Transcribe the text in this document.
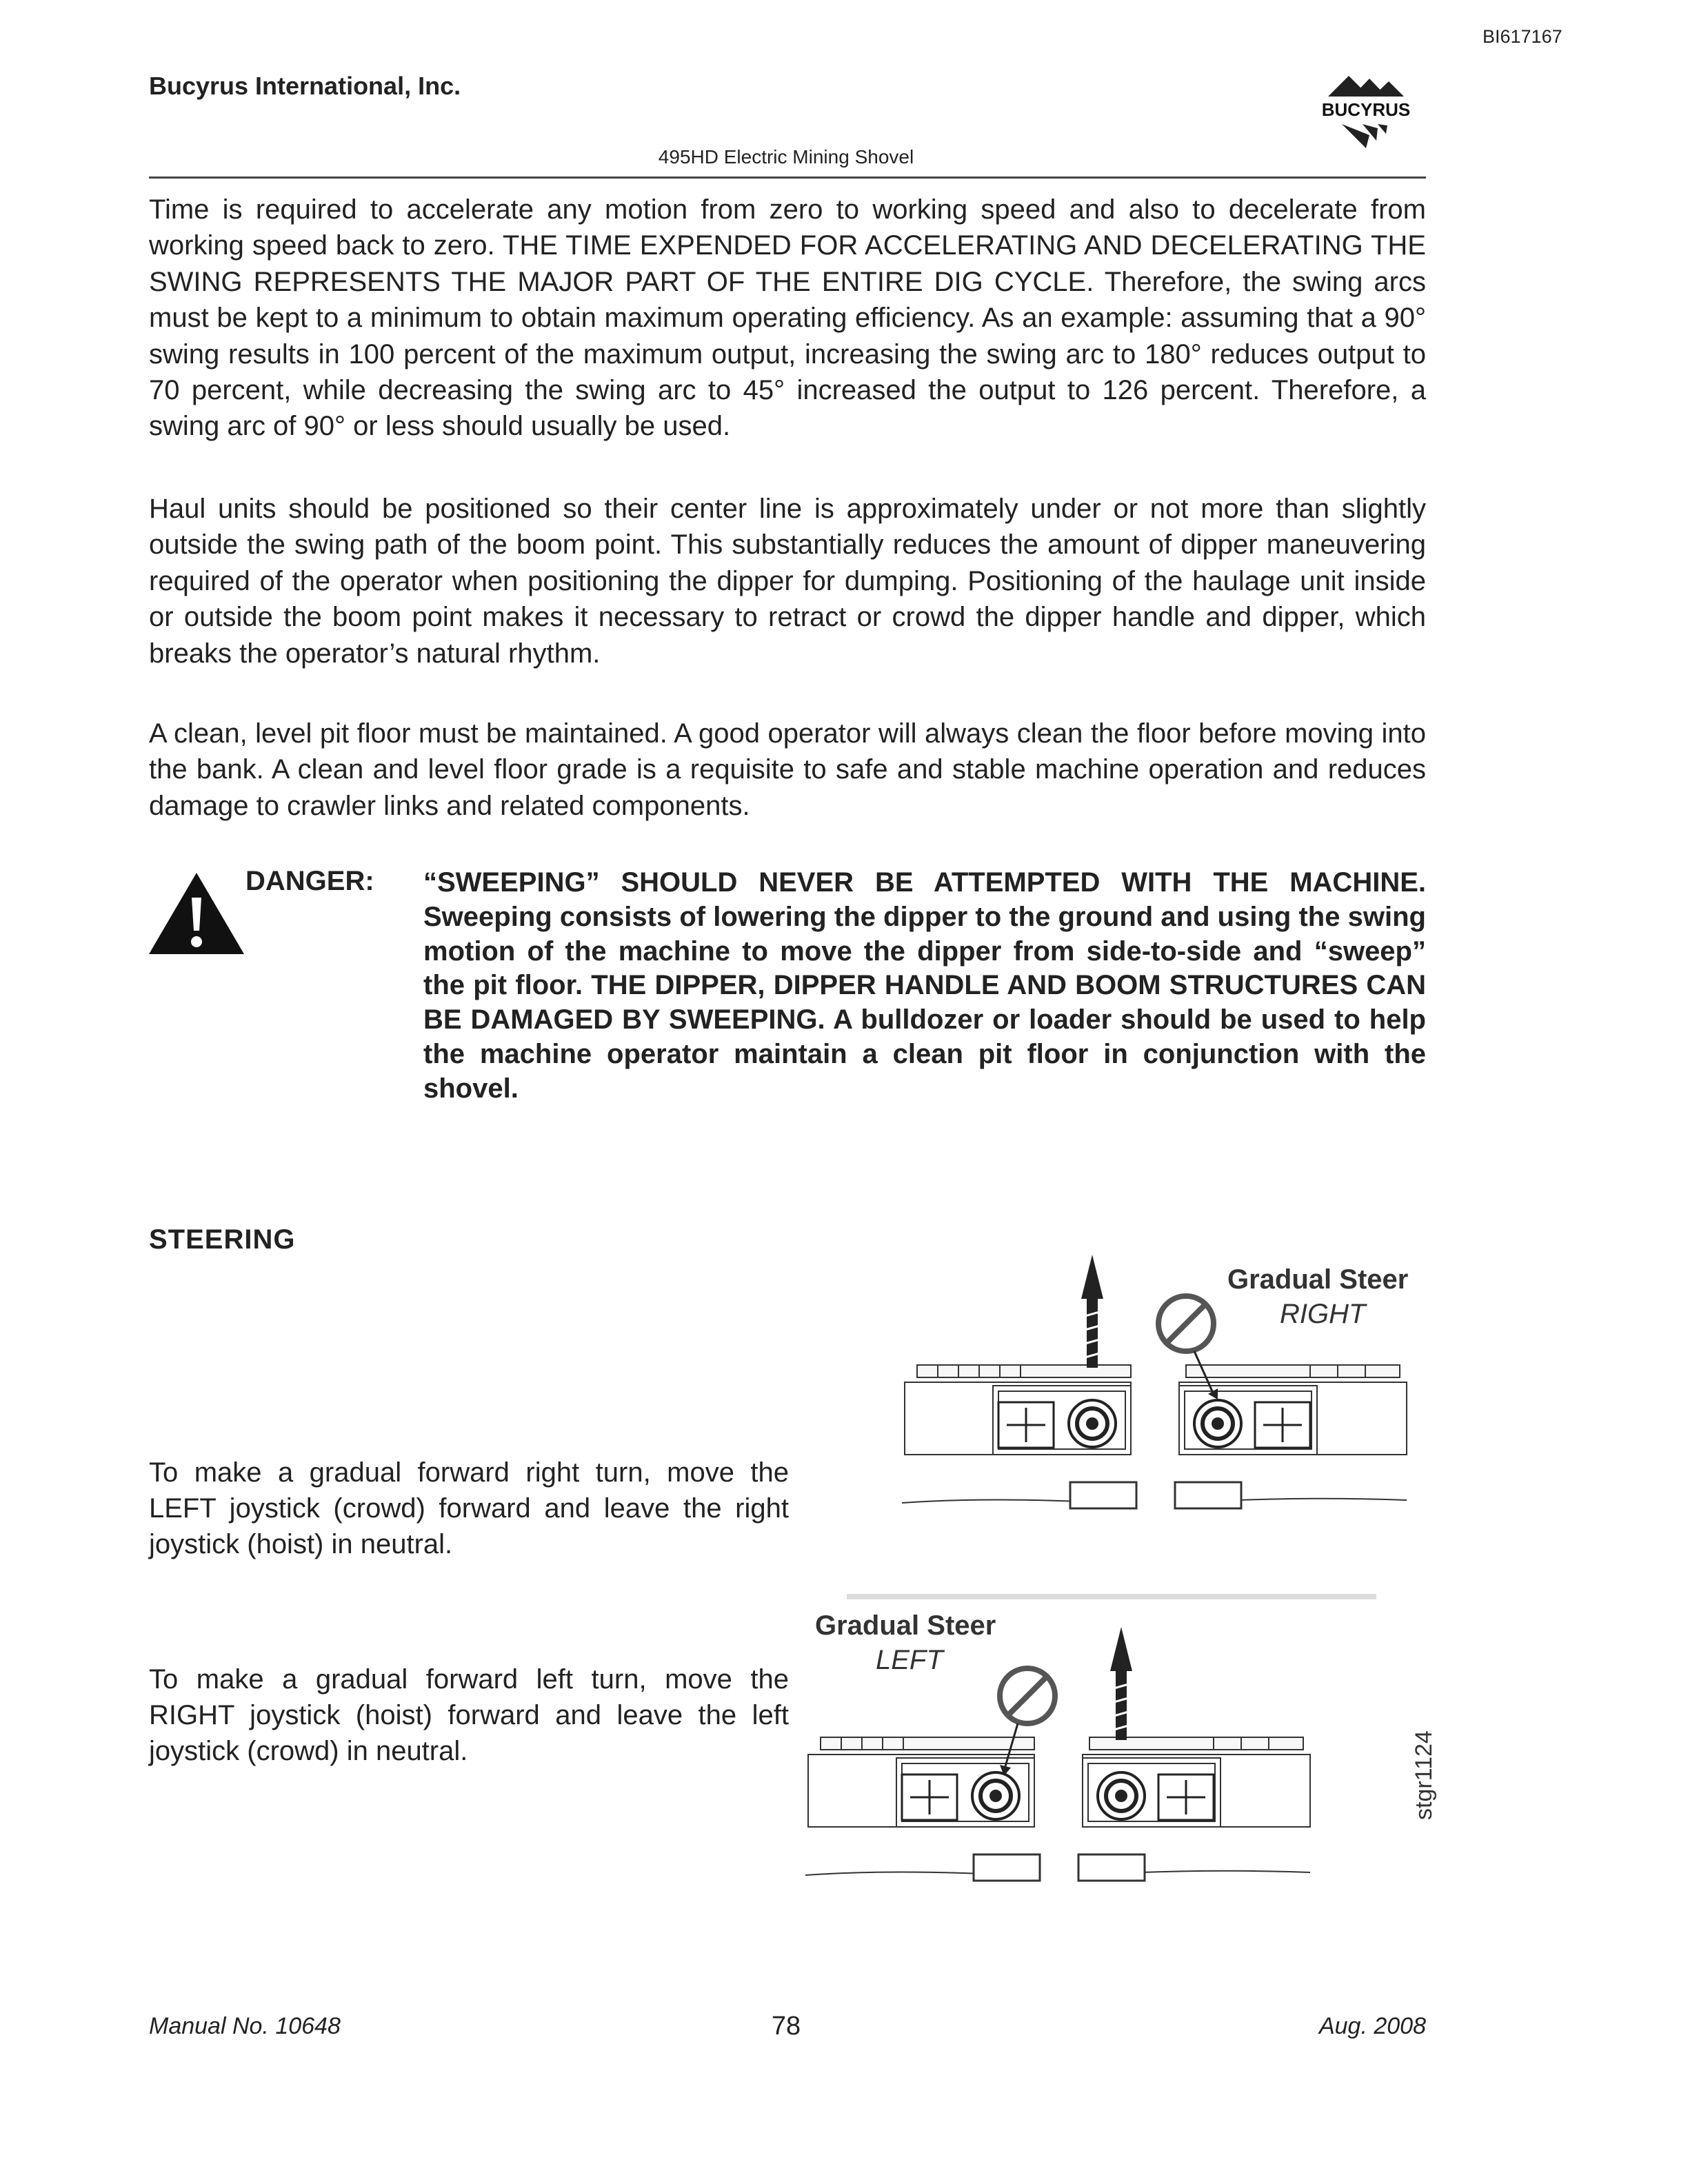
BI617167
Bucyrus International, Inc.
BUCYRUS
495HD Electric Mining Shovel
Time is required to accelerate any motion from zero to working speed and also to decelerate from working speed back to zero. THE TIME EXPENDED FOR ACCELERATING AND DECELERATING THE SWING REPRESENTS THE MAJOR PART OF THE ENTIRE DIG CYCLE. Therefore, the swing arcs must be kept to a minimum to obtain maximum operating efficiency. As an example: assuming that a 90° swing results in 100 percent of the maximum output, increasing the swing arc to 180° reduces output to 70 percent, while decreasing the swing arc to 45° increased the output to 126 percent. Therefore, a swing arc of 90° or less should usually be used.
Haul units should be positioned so their center line is approximately under or not more than slightly outside the swing path of the boom point. This substantially reduces the amount of dipper maneuvering required of the operator when positioning the dipper for dumping. Positioning of the haulage unit inside or outside the boom point makes it necessary to retract or crowd the dipper handle and dipper, which breaks the operator’s natural rhythm.
A clean, level pit floor must be maintained. A good operator will always clean the floor before moving into the bank. A clean and level floor grade is a requisite to safe and stable machine operation and reduces damage to crawler links and related components.
DANGER: “SWEEPING” SHOULD NEVER BE ATTEMPTED WITH THE MACHINE. Sweeping consists of lowering the dipper to the ground and using the swing motion of the machine to move the dipper from side-to-side and “sweep” the pit floor. THE DIPPER, DIPPER HANDLE AND BOOM STRUCTURES CAN BE DAMAGED BY SWEEPING. A bulldozer or loader should be used to help the machine operator maintain a clean pit floor in conjunction with the shovel.
STEERING
To make a gradual forward right turn, move the LEFT joystick (crowd) forward and leave the right joystick (hoist) in neutral.
To make a gradual forward left turn, move the RIGHT joystick (hoist) forward and leave the left joystick (crowd) in neutral.
Gradual Steer
RIGHT
Gradual Steer
LEFT
stgr1124
Manual No. 10648	78	Aug. 2008
